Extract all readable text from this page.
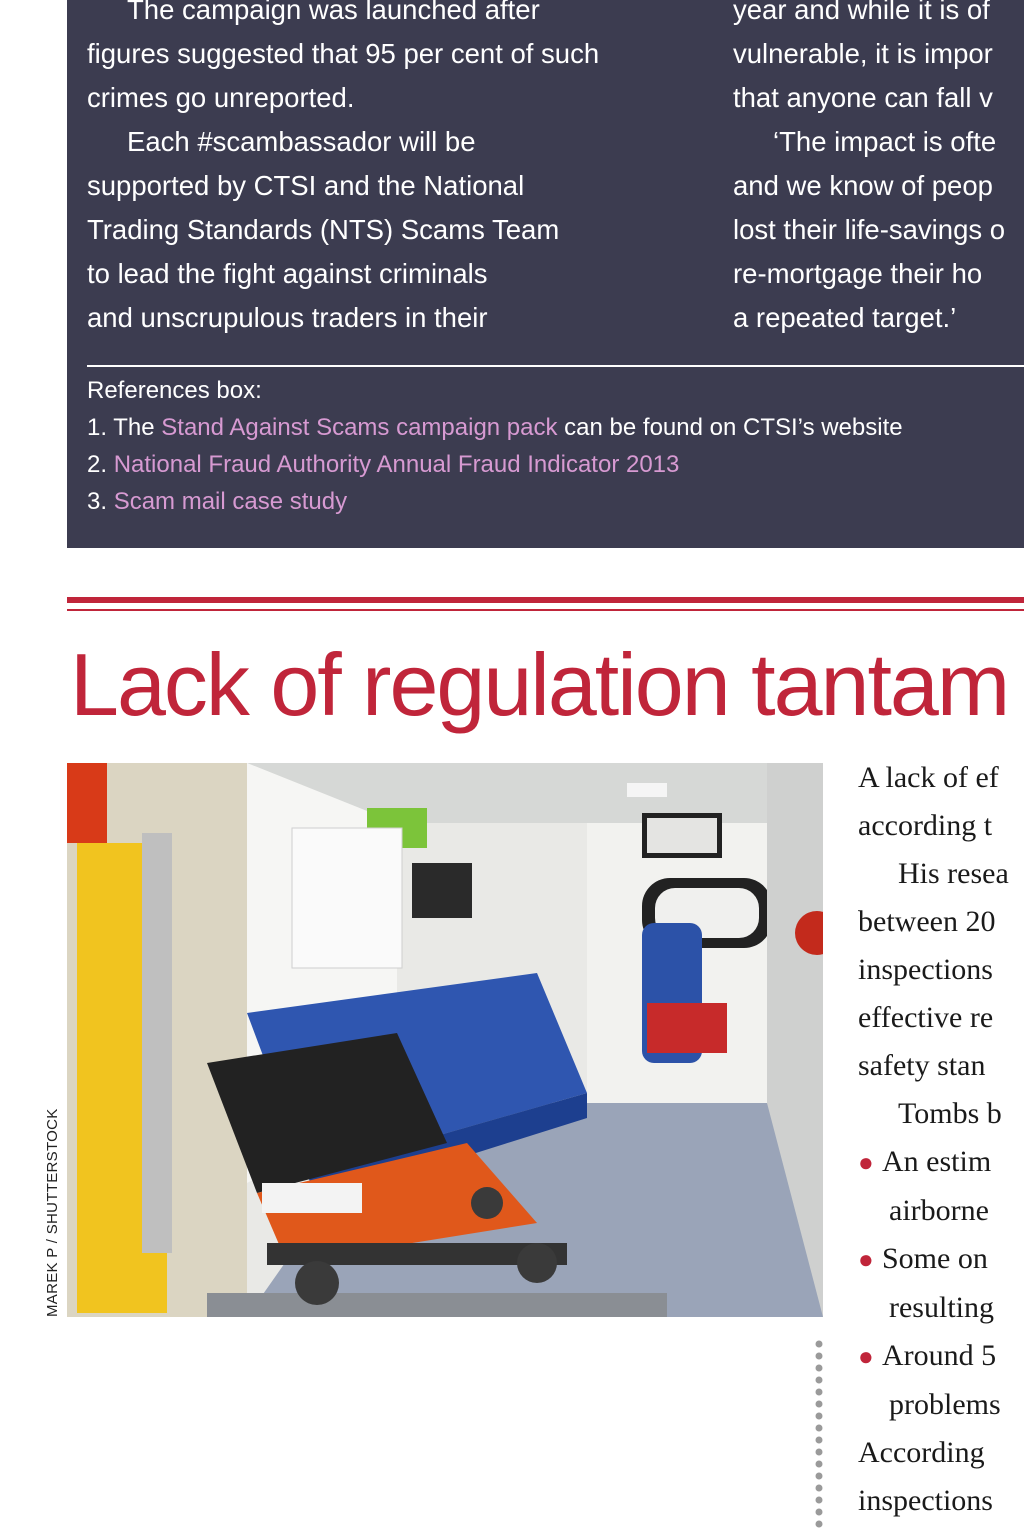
The campaign was launched after
figures suggested that 95 per cent of such
crimes go unreported.
Each #scambassador will be
supported by CTSI and the National
Trading Standards (NTS) Scams Team
to lead the fight against criminals
and unscrupulous traders in their
year and while it is of
vulnerable, it is impor
that anyone can fall v
‘The impact is ofte
and we know of peop
lost their life-savings o
re-mortgage their ho
a repeated target.’
References box:
1. The Stand Against Scams campaign pack can be found on CTSI’s website
2. National Fraud Authority Annual Fraud Indicator 2013
3. Scam mail case study
Lack of regulation tantam
MAREK P / SHUTTERSTOCK
A lack of ef
according t
His resea
between 20
inspections
effective re
safety stan
Tombs b
● An estim
airborne
● Some on
resulting
● Around 5
problems
According
inspections
